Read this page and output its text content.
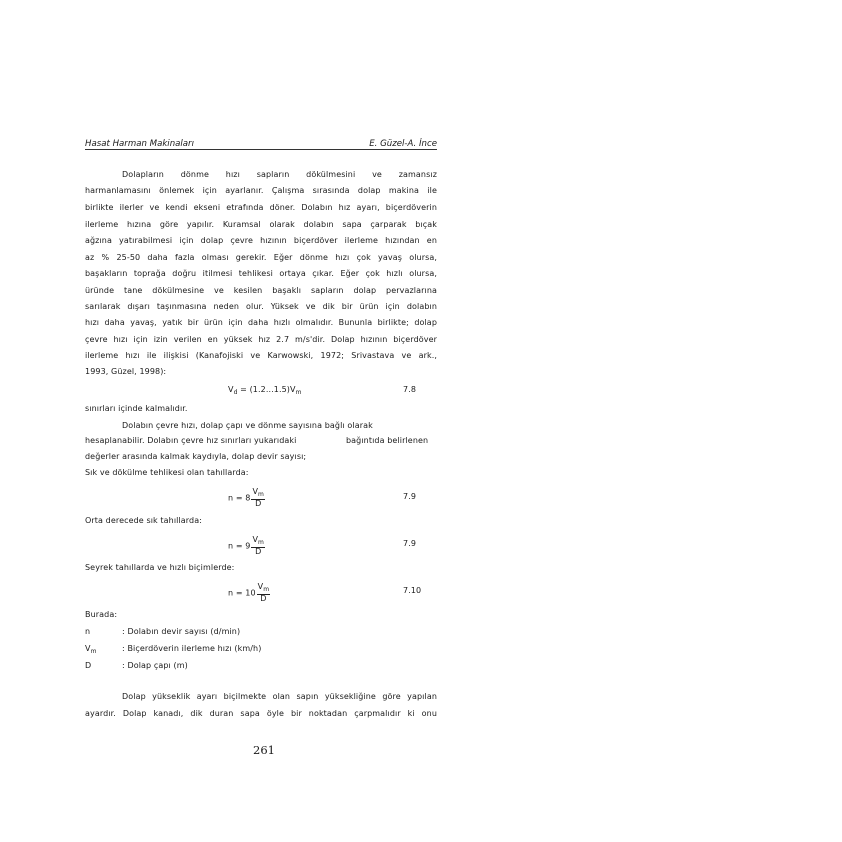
Hasat Harman Makinaları	E. Güzel-A. İnce
Dolapların dönme hızı sapların dökülmesini ve zamansız
harmanlamasını önlemek için ayarlanır. Çalışma sırasında dolap makina ile
birlikte ilerler ve kendi ekseni etrafında döner. Dolabın hız ayarı, biçerdöverin
ilerleme hızına göre yapılır. Kuramsal olarak dolabın sapa çarparak bıçak
ağzına yatırabilmesi için dolap çevre hızının biçerdöver ilerleme hızından en
az % 25-50 daha fazla olması gerekir. Eğer dönme hızı çok yavaş olursa,
başakların toprağa doğru itilmesi tehlikesi ortaya çıkar. Eğer çok hızlı olursa,
üründe tane dökülmesine ve kesilen başaklı sapların dolap pervazlarına
sarılarak dışarı taşınmasına neden olur. Yüksek ve dik bir ürün için dolabın
hızı daha yavaş, yatık bir ürün için daha hızlı olmalıdır. Bununla birlikte; dolap
çevre hızı için izin verilen en yüksek hız 2.7 m/s'dir. Dolap hızının biçerdöver
ilerleme hızı ile ilişkisi (Kanafojiski ve Karwowski, 1972; Srivastava ve ark.,
1993, Güzel, 1998):
$V_d = (1.2...1.5)V_m$	7.8
sınırları içinde kalmalıdır.
Dolabın çevre hızı, dolap çapı ve dönme sayısına bağlı olarak
hesaplanabilir. Dolabın çevre hız sınırları yukarıdaki	bağıntıda belirlenen
değerler arasında kalmak kaydıyla, dolap devir sayısı;
Sık ve dökülme tehlikesi olan tahıllarda:
$n = 8 \frac{V_m}{D}$	7.9
Orta derecede sık tahıllarda:
$n = 9 \frac{V_m}{D}$	7.9
Seyrek tahıllarda ve hızlı biçimlerde:
$n = 10 \frac{V_m}{D}$	7.10
Burada:
n	: Dolabın devir sayısı (d/min)
$V_m$	: Biçerdöverin ilerleme hızı (km/h)
D	: Dolap çapı (m)
Dolap yükseklik ayarı biçilmekte olan sapın yüksekliğine göre yapılan
ayardır. Dolap kanadı, dik duran sapa öyle bir noktadan çarpmalıdır ki onu
261
